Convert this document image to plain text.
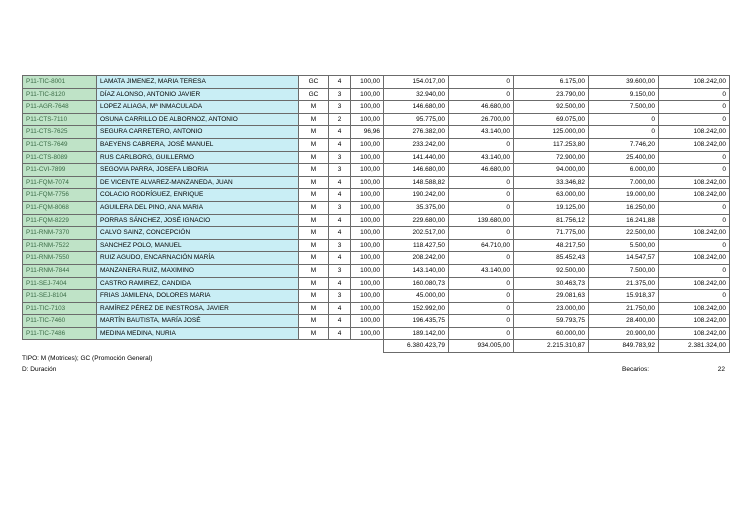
P11-TIC-8001	LAMATA JIMENEZ, MARIA TERESA	GC	4	100,00	154.017,00	0	6.175,00	39.600,00	108.242,00
P11-TIC-8120	DÍAZ ALONSO, ANTONIO JAVIER	GC	3	100,00	32.940,00	0	23.790,00	9.150,00	0
P11-AGR-7648	LOPEZ ALIAGA, Mª INMACULADA	M	3	100,00	146.680,00	46.680,00	92.500,00	7.500,00	0
P11-CTS-7110	OSUNA CARRILLO DE ALBORNOZ, ANTONIO	M	2	100,00	95.775,00	26.700,00	69.075,00	0	0
P11-CTS-7625	SEGURA CARRETERO, ANTONIO	M	4	96,96	276.382,00	43.140,00	125.000,00	0	108.242,00
P11-CTS-7649	BAEYENS CABRERA, JOSÉ MANUEL	M	4	100,00	233.242,00	0	117.253,80	7.746,20	108.242,00
P11-CTS-8089	RUS CARLBORG, GUILLERMO	M	3	100,00	141.440,00	43.140,00	72.900,00	25.400,00	0
P11-CVI-7899	SEGOVIA PARRA, JOSEFA LIBORIA	M	3	100,00	146.680,00	46.680,00	94.000,00	6.000,00	0
P11-FQM-7074	DE VICENTE ALVAREZ-MANZANEDA, JUAN	M	4	100,00	148.588,82	0	33.346,82	7.000,00	108.242,00
P11-FQM-7756	COLACIO RODRÍGUEZ, ENRIQUE	M	4	100,00	190.242,00	0	63.000,00	19.000,00	108.242,00
P11-FQM-8068	AGUILERA DEL PINO, ANA MARIA	M	3	100,00	35.375,00	0	19.125,00	16.250,00	0
P11-FQM-8229	PORRAS SÁNCHEZ, JOSÉ IGNACIO	M	4	100,00	229.680,00	139.680,00	81.756,12	16.241,88	0
P11-RNM-7370	CALVO SAINZ, CONCEPCIÓN	M	4	100,00	202.517,00	0	71.775,00	22.500,00	108.242,00
P11-RNM-7522	SANCHEZ POLO, MANUEL	M	3	100,00	118.427,50	64.710,00	48.217,50	5.500,00	0
P11-RNM-7550	RUIZ AGUDO, ENCARNACIÓN MARÍA	M	4	100,00	208.242,00	0	85.452,43	14.547,57	108.242,00
P11-RNM-7844	MANZANERA RUIZ, MAXIMINO	M	3	100,00	143.140,00	43.140,00	92.500,00	7.500,00	0
P11-SEJ-7404	CASTRO RAMIREZ, CANDIDA	M	4	100,00	160.080,73	0	30.463,73	21.375,00	108.242,00
P11-SEJ-8104	FRIAS JAMILENA, DOLORES MARIA	M	3	100,00	45.000,00	0	29.081,63	15.918,37	0
P11-TIC-7103	RAMÍREZ PÉREZ DE INESTROSA, JAVIER	M	4	100,00	152.992,00	0	23.000,00	21.750,00	108.242,00
P11-TIC-7460	MARTÍN BAUTISTA, MARÍA JOSÉ	M	4	100,00	196.435,75	0	59.793,75	28.400,00	108.242,00
P11-TIC-7486	MEDINA MEDINA, NURIA	M	4	100,00	189.142,00	0	60.000,00	20.900,00	108.242,00
					6.380.423,79	934.005,00	2.215.310,87	849.783,92	2.381.324,00
TIPO: M (Motrices); GC (Promoción General)
D: Duración	Becarios:	22
